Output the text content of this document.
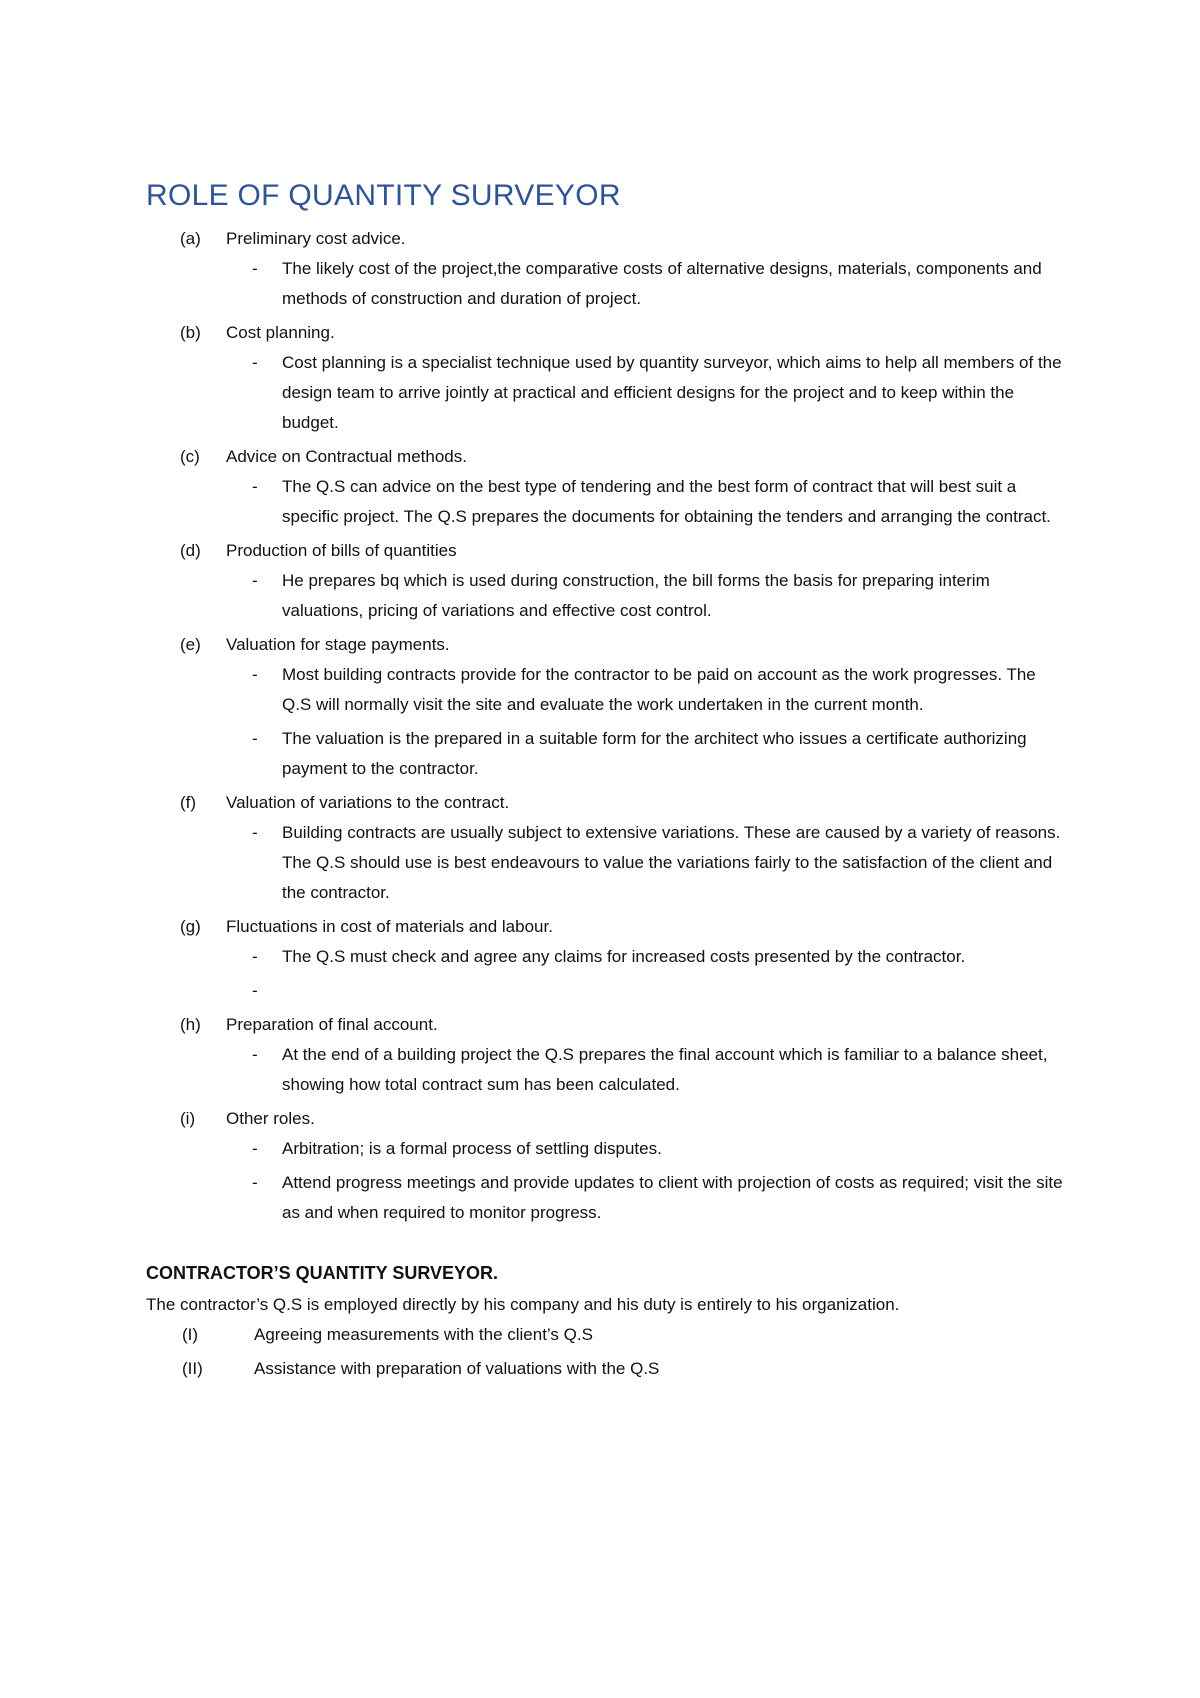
ROLE OF QUANTITY SURVEYOR
(a)	Preliminary cost advice.
-	The likely cost of the project,the comparative costs of alternative designs, materials, components and methods of construction and duration of project.
(b)	Cost planning.
-	Cost planning is a specialist technique used by quantity surveyor, which aims to help all members of the design team to arrive jointly at practical and efficient designs for the project and to keep within the budget.
(c)	Advice on Contractual methods.
-	The Q.S can advice on the best type of tendering and the best form of contract that will best suit a specific project. The Q.S prepares the documents for obtaining the tenders and arranging the contract.
(d)	Production of bills of quantities
-	He prepares bq which is used during construction, the bill forms the basis for preparing interim valuations, pricing of variations and effective cost control.
(e)	Valuation for stage payments.
-	Most building contracts provide for the contractor to be paid on account as the work progresses. The Q.S will normally visit the site and evaluate the work undertaken in the current month.
-	The valuation is the prepared in a suitable form for the architect who issues a certificate authorizing payment to the contractor.
(f)	Valuation of variations to the contract.
-	Building contracts are usually subject to extensive variations. These are caused by a variety of reasons. The Q.S should use is best endeavours to value the variations fairly to the satisfaction of the client and the contractor.
(g)	Fluctuations in cost of materials and labour.
-	The Q.S must check and agree any claims for increased costs presented by the contractor.
-
(h)	Preparation of final account.
-	At the end of a building project the Q.S prepares the final account which is familiar to a balance sheet, showing how total contract sum has been calculated.
(i)	Other roles.
-	Arbitration; is a formal process of settling disputes.
-	Attend progress meetings and provide updates to client with projection of costs as required; visit the site as and when required to monitor progress.
CONTRACTOR’S QUANTITY SURVEYOR.
The contractor’s Q.S is employed directly by his company and his duty is entirely to his organization.
(I)	Agreeing measurements with the client’s Q.S
(II)	Assistance with preparation of valuations with the Q.S
